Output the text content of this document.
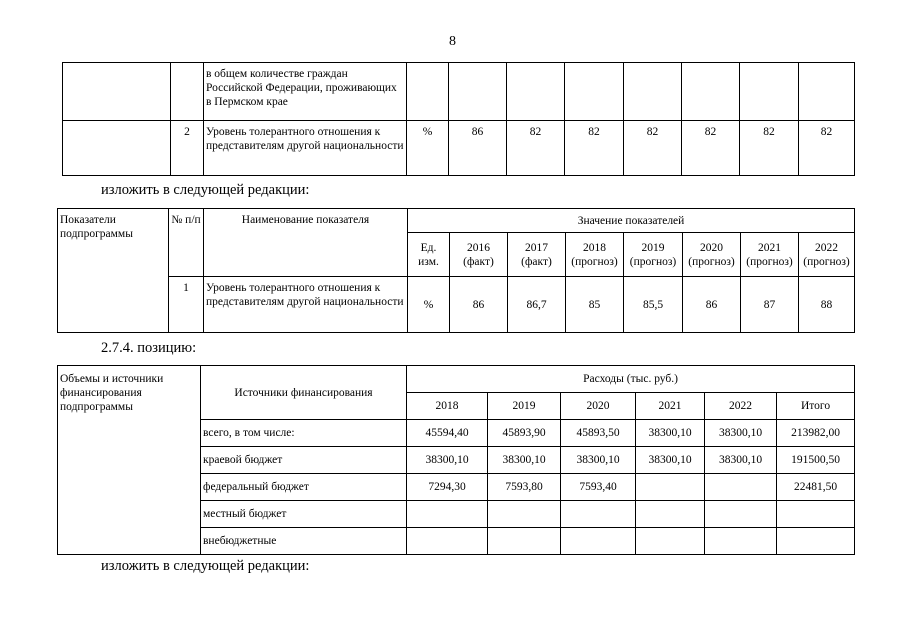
8
		в общем количестве граждан Российской Федерации, проживающих в Пермском крае								
	2	Уровень толерантного отношения к представителям другой национальности	%	86	82	82	82	82	82	82
изложить в следующей редакции:
Показатели подпрограммы	№ п/п	Наименование показателя	Значение показателей							
			Ед. изм.	2016 (факт)	2017 (факт)	2018 (прогноз)	2019 (прогноз)	2020 (прогноз)	2021 (прогноз)	2022 (прогноз)
	1	Уровень толерантного отношения к представителям другой национальности	%	86	86,7	85	85,5	86	87	88
2.7.4. позицию:
Объемы и источники финансирования подпрограммы	Источники финансирования	Расходы (тыс. руб.)					
		2018	2019	2020	2021	2022	Итого
	всего, в том числе:	45594,40	45893,90	45893,50	38300,10	38300,10	213982,00
	краевой бюджет	38300,10	38300,10	38300,10	38300,10	38300,10	191500,50
	федеральный бюджет	7294,30	7593,80	7593,40			22481,50
	местный бюджет						
	внебюджетные						
изложить в следующей редакции:
